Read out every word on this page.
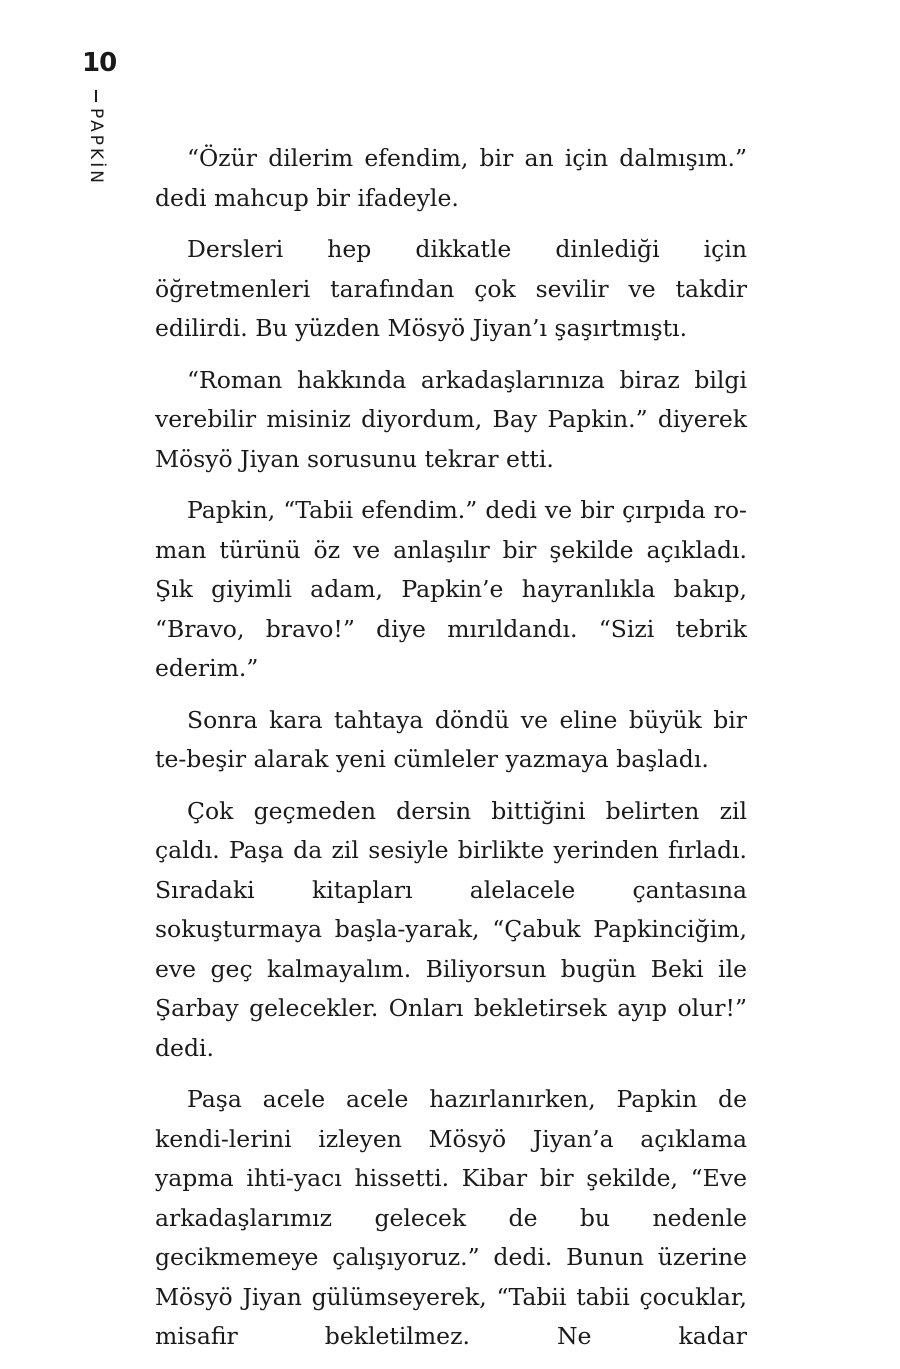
10
PAPKİN	“Özür dilerim efendim, bir an için dalmışım.” dedi mahcup bir ifadeyle.

Dersleri hep dikkatle dinlediği için öğretmenleri tarafından çok sevilir ve takdir edilirdi. Bu yüzden Mösyö Jiyan’ı şaşırtmıştı.

“Roman hakkında arkadaşlarınıza biraz bilgi verebilir misiniz diyordum, Bay Papkin.” diyerek Mösyö Jiyan sorusunu tekrar etti.

Papkin, “Tabii efendim.” dedi ve bir çırpıda ro-man türünü öz ve anlaşılır bir şekilde açıkladı. Şık giyimli adam, Papkin’e hayranlıkla bakıp, “Bravo, bravo!” diye mırıldandı. “Sizi tebrik ederim.”

Sonra kara tahtaya döndü ve eline büyük bir te-beşir alarak yeni cümleler yazmaya başladı.

Çok geçmeden dersin bittiğini belirten zil çaldı. Paşa da zil sesiyle birlikte yerinden fırladı. Sıradaki kitapları alelacele çantasına sokuşturmaya başla-yarak, “Çabuk Papkinciğim, eve geç kalmayalım. Biliyorsun bugün Beki ile Şarbay gelecekler. Onları bekletirsek ayıp olur!” dedi.

Paşa acele acele hazırlanırken, Papkin de kendi-lerini izleyen Mösyö Jiyan’a açıklama yapma ihti-yacı hissetti. Kibar bir şekilde, “Eve arkadaşlarımız gelecek de bu nedenle gecikmemeye çalışıyoruz.” dedi. Bunun üzerine Mösyö Jiyan gülümseyerek, “Tabii tabii çocuklar, misafir bekletilmez. Ne kadar
